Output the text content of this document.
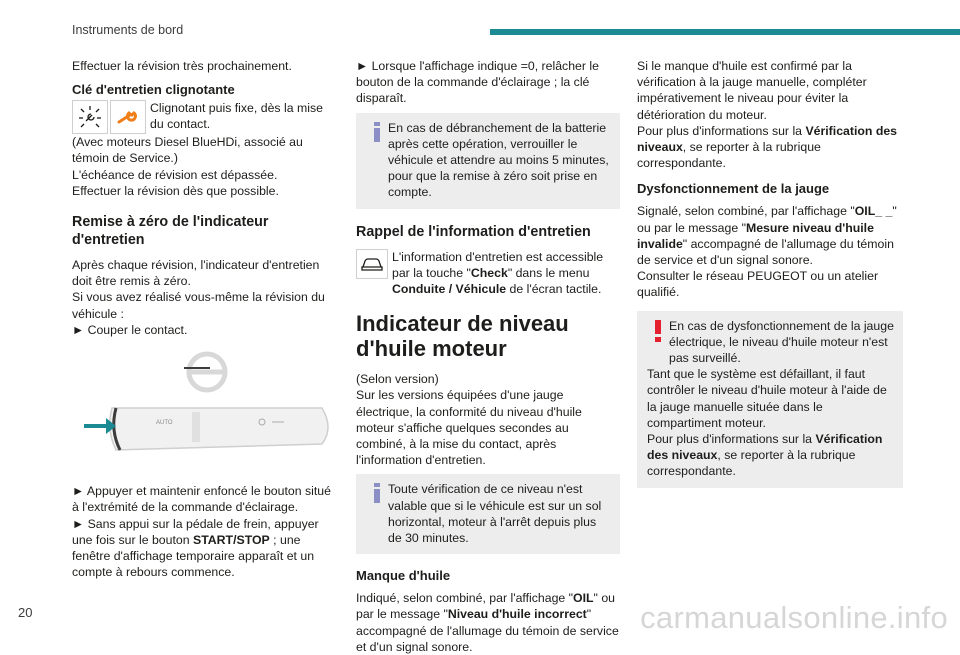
Instruments de bord

Effectuer la révision très prochainement.

Clé d'entretien clignotante
Clignotant puis fixe, dès la mise du contact.

(Avec moteurs Diesel BlueHDi, associé au témoin de Service.)

L'échéance de révision est dépassée.

Effectuer la révision dès que possible.

Remise à zéro de l'indicateur d'entretien

Après chaque révision, l'indicateur d'entretien doit être remis à zéro.

Si vous avez réalisé vous-même la révision du véhicule :

► Couper le contact.

AUTO

► Appuyer et maintenir enfoncé le bouton situé à l'extrémité de la commande d'éclairage.

► Sans appui sur la pédale de frein, appuyer une fois sur le bouton START/STOP ; une fenêtre d'affichage temporaire apparaît et un compte à rebours commence.

► Lorsque l'affichage indique =0, relâcher le bouton de la commande d'éclairage ; la clé disparaît.

En cas de débranchement de la batterie après cette opération, verrouiller le véhicule et attendre au moins 5 minutes, pour que la remise à zéro soit prise en compte.
Rappel de l'information d'entretien
L'information d'entretien est accessible par la touche "Check" dans le menu Conduite / Véhicule de l'écran tactile.
Indicateur de niveau d'huile moteur

(Selon version)

Sur les versions équipées d'une jauge électrique, la conformité du niveau d'huile moteur s'affiche quelques secondes au combiné, à la mise du contact, après l'information d'entretien.

Toute vérification de ce niveau n'est valable que si le véhicule est sur un sol horizontal, moteur à l'arrêt depuis plus de 30 minutes.
Manque d'huile

Indiqué, selon combiné, par l'affichage "OIL" ou par le message "Niveau d'huile incorrect" accompagné de l'allumage du témoin de service et d'un signal sonore.

Si le manque d'huile est confirmé par la vérification à la jauge manuelle, compléter impérativement le niveau pour éviter la détérioration du moteur.

Pour plus d'informations sur la Vérification des niveaux, se reporter à la rubrique correspondante.

Dysfonctionnement de la jauge

Signalé, selon combiné, par l'affichage "OIL_ _" ou par le message "Mesure niveau d'huile invalide" accompagné de l'allumage du témoin de service et d'un signal sonore.

Consulter le réseau PEUGEOT ou un atelier qualifié.

En cas de dysfonctionnement de la jauge électrique, le niveau d'huile moteur n'est pas surveillé.

Tant que le système est défaillant, il faut contrôler le niveau d'huile moteur à l'aide de la jauge manuelle située dans le compartiment moteur.

Pour plus d'informations sur la Vérification des niveaux, se reporter à la rubrique correspondante.

20	carmanualsonline.info
